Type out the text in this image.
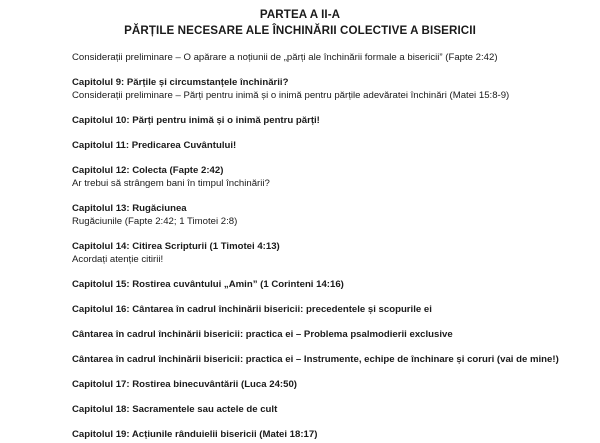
PARTEA A II-A
PĂRȚILE NECESARE ALE ÎNCHINĂRII COLECTIVE A BISERICII
Considerații preliminare – O apărare a noțiunii de „părți ale închinării formale a bisericii” (Fapte 2:42)
Capitolul 9: Părțile și circumstanțele închinării?
Considerații preliminare – Părți pentru inimă și o inimă pentru părțile adevăratei închinări (Matei 15:8-9)
Capitolul 10: Părți pentru inimă și o inimă pentru părți!
Capitolul 11: Predicarea Cuvântului!
Capitolul 12: Colecta (Fapte 2:42)
Ar trebui să strângem bani în timpul închinării?
Capitolul 13: Rugăciunea
Rugăciunile (Fapte 2:42; 1 Timotei 2:8)
Capitolul 14: Citirea Scripturii (1 Timotei 4:13)
Acordați atenție citirii!
Capitolul 15: Rostirea cuvântului „Amin” (1 Corinteni 14:16)
Capitolul 16: Cântarea în cadrul închinării bisericii: precedentele și scopurile ei
Cântarea în cadrul închinării bisericii: practica ei – Problema psalmodierii exclusive
Cântarea în cadrul închinării bisericii: practica ei – Instrumente, echipe de închinare și coruri (vai de mine!)
Capitolul 17: Rostirea binecuvântării (Luca 24:50)
Capitolul 18: Sacramentele sau actele de cult
Capitolul 19: Acțiunile rânduielii bisericii (Matei 18:17)
